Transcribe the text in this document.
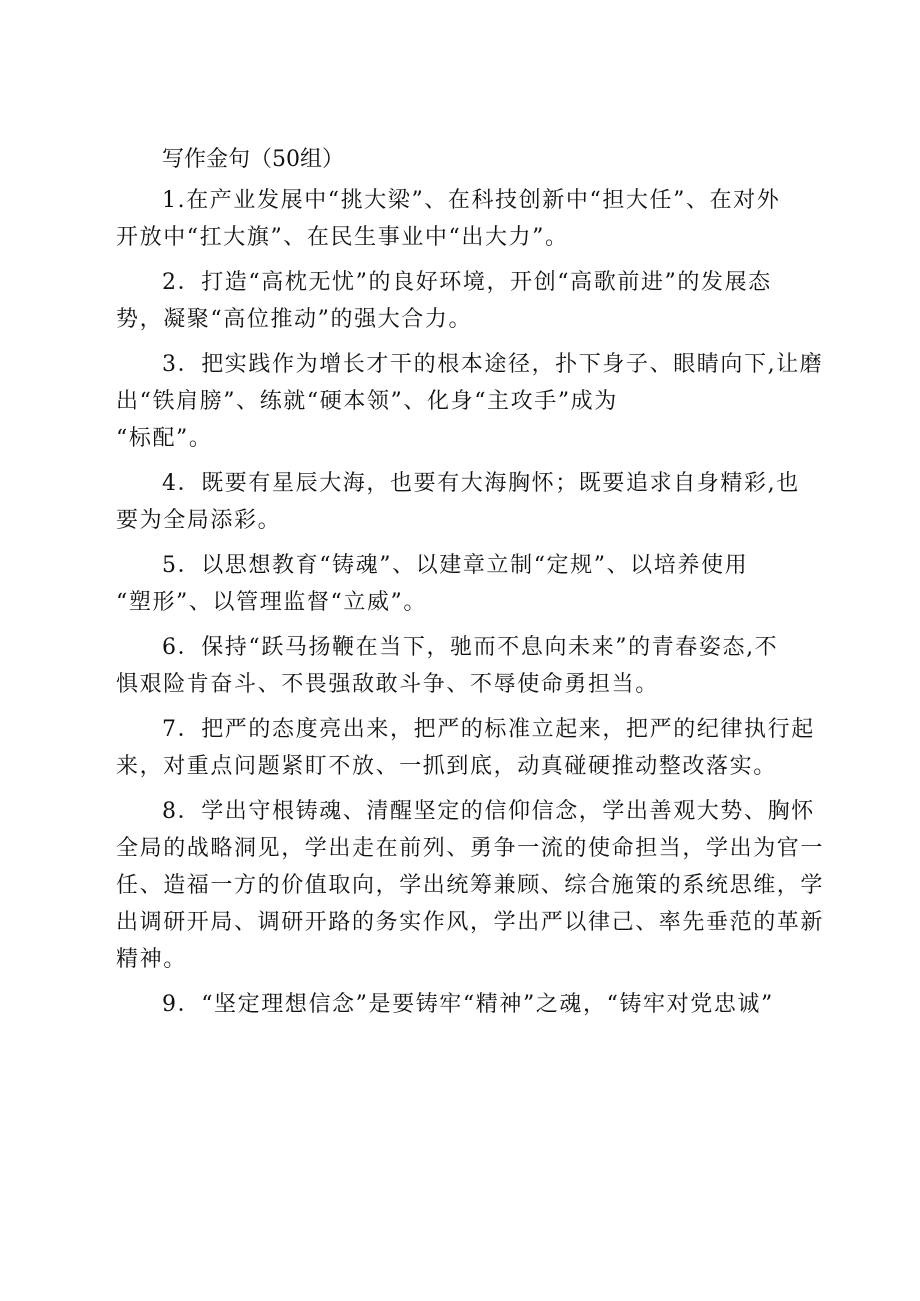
写作金句（50组）

1.在产业发展中“挑大梁”、在科技创新中“担大任”、在对外
开放中“扛大旗”、在民生事业中“出大力”。

2．打造“高枕无忧”的良好环境，开创“高歌前进”的发展态
势，凝聚“高位推动”的强大合力。

3．把实践作为增长才干的根本途径，扑下身子、眼睛向下,让磨
出“铁肩膀”、练就“硬本领”、化身“主攻手”成为
“标配”。

4．既要有星辰大海，也要有大海胸怀；既要追求自身精彩,也
要为全局添彩。

5．以思想教育“铸魂”、以建章立制“定规”、以培养使用
“塑形”、以管理监督“立威”。

6．保持“跃马扬鞭在当下，驰而不息向未来”的青春姿态,不
惧艰险肯奋斗、不畏强敌敢斗争、不辱使命勇担当。

7．把严的态度亮出来，把严的标准立起来，把严的纪律执行起
来，对重点问题紧盯不放、一抓到底，动真碰硬推动整改落实。

8．学出守根铸魂、清醒坚定的信仰信念，学出善观大势、胸怀
全局的战略洞见，学出走在前列、勇争一流的使命担当，学出为官一
任、造福一方的价值取向，学出统筹兼顾、综合施策的系统思维，学
出调研开局、调研开路的务实作风，学出严以律己、率先垂范的革新
精神。

9．“坚定理想信念”是要铸牢“精神”之魂，“铸牢对党忠诚”
